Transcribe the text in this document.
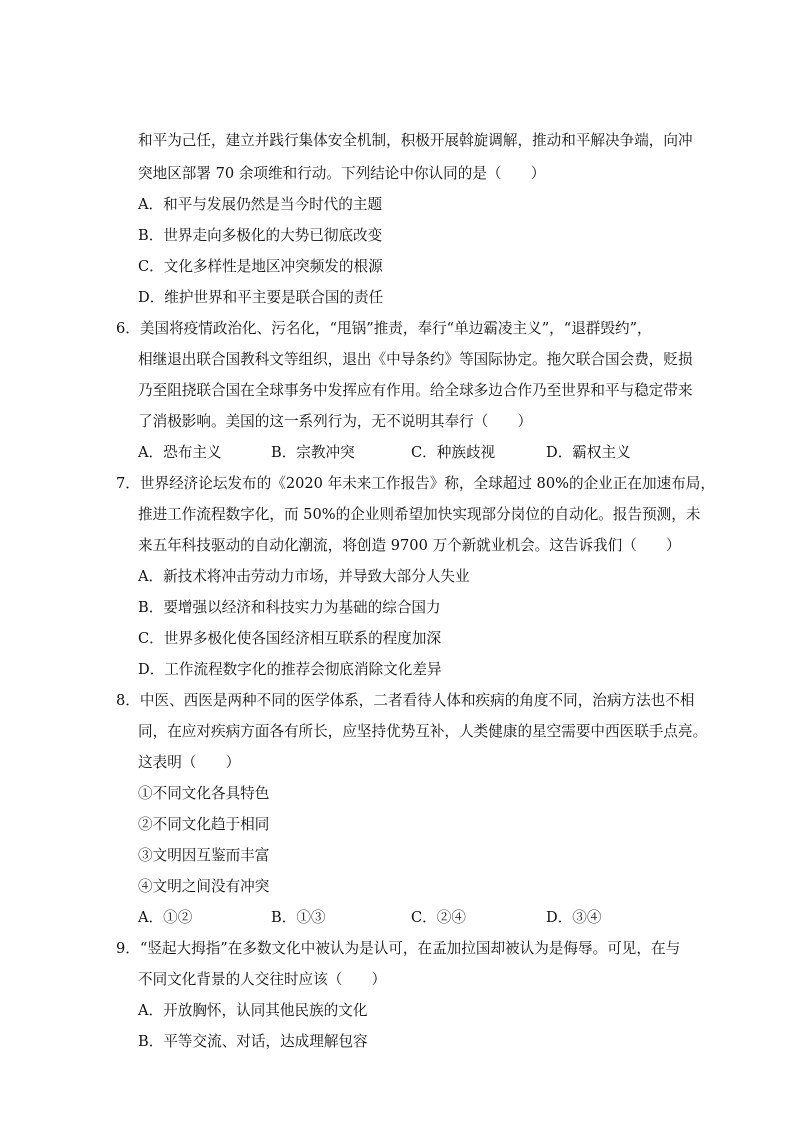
和平为己任，建立并践行集体安全机制，积极开展斡旋调解，推动和平解决争端，向冲
突地区部署 70 余项维和行动。下列结论中你认同的是（　　）
A．和平与发展仍然是当今时代的主题
B．世界走向多极化的大势已彻底改变
C．文化多样性是地区冲突频发的根源
D．维护世界和平主要是联合国的责任
6．美国将疫情政治化、污名化，“甩锅”推责，奉行“单边霸凌主义”，“退群毁约”，
相继退出联合国教科文等组织，退出《中导条约》等国际协定。拖欠联合国会费，贬损
乃至阻挠联合国在全球事务中发挥应有作用。给全球多边合作乃至世界和平与稳定带来
了消极影响。美国的这一系列行为，无不说明其奉行（　　）
A．恐布主义	B．宗教冲突	C．种族歧视	D．霸权主义
7．世界经济论坛发布的《2020 年未来工作报告》称，全球超过 80%的企业正在加速布局，
推进工作流程数字化，而 50%的企业则希望加快实现部分岗位的自动化。报告预测，未
来五年科技驱动的自动化潮流，将创造 9700 万个新就业机会。这告诉我们（　　）
A．新技术将冲击劳动力市场，并导致大部分人失业
B．要增强以经济和科技实力为基础的综合国力
C．世界多极化使各国经济相互联系的程度加深
D．工作流程数字化的推荐会彻底消除文化差异
8．中医、西医是两种不同的医学体系，二者看待人体和疾病的角度不同，治病方法也不相
同，在应对疾病方面各有所长，应坚持优势互补，人类健康的星空需要中西医联手点亮。
这表明（　　）
①不同文化各具特色
②不同文化趋于相同
③文明因互鉴而丰富
④文明之间没有冲突
A．①②	B．①③	C．②④	D．③④
9．“竖起大拇指”在多数文化中被认为是认可，在孟加拉国却被认为是侮辱。可见，在与
不同文化背景的人交往时应该（　　）
A．开放胸怀，认同其他民族的文化
B．平等交流、对话，达成理解包容
